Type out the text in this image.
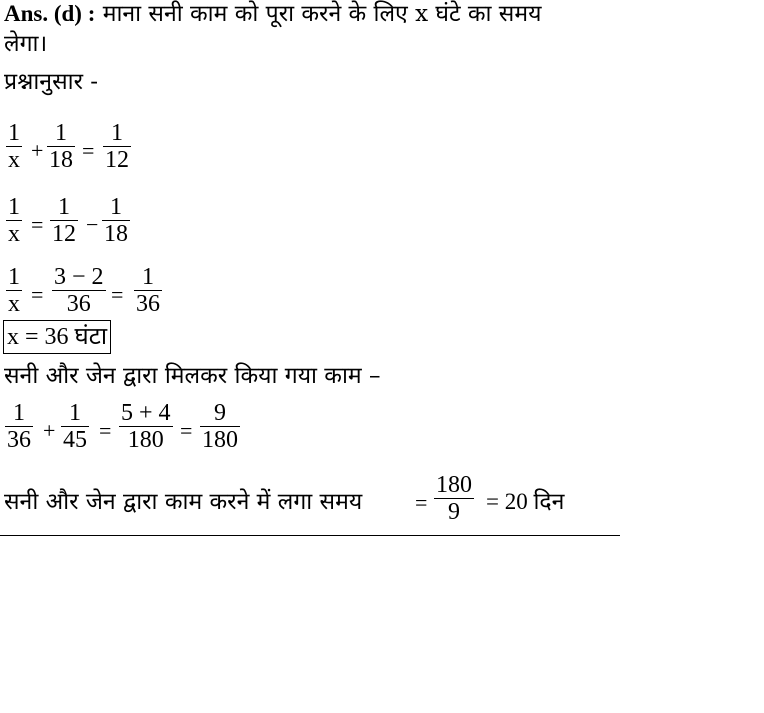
Ans. (d) : माना सनी काम को पूरा करने के लिए x घंटे का समय
लेगा।
प्रश्नानुसार -
1
x +
1
18 =
1
12
1
x =
1
12 −
1
18
1
x =
3 − 2
36 =
1
36
x = 36 घंटा
सनी और जेन द्वारा मिलकर किया गया काम –
1
36 +
1
45 =
5 + 4
180 =
9
180
सनी और जेन द्वारा काम करने में लगा समय =
180
9 = 20 दिन
